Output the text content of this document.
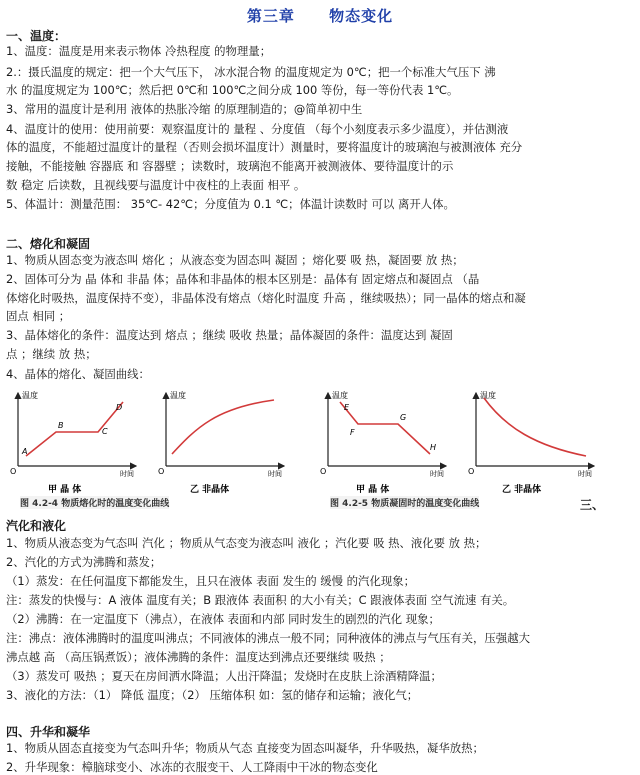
第三章 物态变化
一、温度：
1、温度：温度是用来表示物体 冷热程度 的物理量；
2.：摄氏温度的规定：把一个大气压下， 冰水混合物 的温度规定为 0℃；把一个标准大气压下 沸
水 的温度规定为 100℃；然后把 0℃和 100℃之间分成 100 等份，每一等份代表 1℃。
3、常用的温度计是利用 液体的热胀冷缩 的原理制造的；@简单初中生
4、温度计的使用：使用前要：观察温度计的 量程 、分度值 （每个小刻度表示多少温度），并估测液
体的温度，不能超过温度计的量程（否则会损坏温度计）测量时，要将温度计的玻璃泡与被测液体 充分
接触，不能接触 容器底 和 容器壁 ；读数时，玻璃泡不能离开被测液体、要待温度计的示
数 稳定 后读数，且视线要与温度计中夜柱的上表面 相平 。
5、体温计：测量范围： 35℃- 42℃；分度值为 0.1 ℃；体温计读数时 可以 离开人体。
二、熔化和凝固
1、物质从固态变为液态叫 熔化 ；从液态变为固态叫 凝固 ；熔化要 吸 热，凝固要 放 热；
2、固体可分为 晶 体和 非晶 体；晶体和非晶体的根本区别是：晶体有 固定熔点和凝固点 （晶
体熔化时吸热，温度保持不变），非晶体没有熔点（熔化时温度 升高 ，继续吸热）；同一晶体的熔点和凝
固点 相同 ；
3、晶体熔化的条件：温度达到 熔点 ；继续 吸收 热量；晶体凝固的条件：温度达到 凝固
点 ；继续 放 热；
4、晶体的熔化、凝固曲线：
温度
时间
O
A
B
C
D
甲 晶 体
温度
时间
O
乙 非晶体
温度
时间
O
E
F
G
H
甲 晶 体
温度
时间
O
乙 非晶体
图 4.2-4 物质熔化时的温度变化曲线	图 4.2-5 物质凝固时的温度变化曲线	三、
汽化和液化
1、物质从液态变为气态叫 汽化 ；物质从气态变为液态叫 液化 ；汽化要 吸 热、液化要 放 热；
2、汽化的方式为沸腾和蒸发；
（1）蒸发：在任何温度下都能发生，且只在液体 表面 发生的 缓慢 的汽化现象；
注：蒸发的快慢与：A 液体 温度有关；B 跟液体 表面积 的大小有关；C 跟液体表面 空气流速 有关。
（2）沸腾：在一定温度下（沸点），在液体 表面和内部 同时发生的剧烈的汽化 现象；
注：沸点：液体沸腾时的温度叫沸点；不同液体的沸点一般不同；同种液体的沸点与气压有关，压强越大
沸点越 高 （高压锅煮饭）；液体沸腾的条件：温度达到沸点还要继续 吸热 ；
（3）蒸发可 吸热 ；夏天在房间洒水降温；人出汗降温；发烧时在皮肤上涂酒精降温；
3、液化的方法：（1） 降低 温度；（2） 压缩体积 如：氢的储存和运输；液化气；
四、升华和凝华
1、物质从固态直接变为气态叫升华；物质从气态 直接变为固态叫凝华，升华吸热，凝华放热；
2、升华现象：樟脑球变小、冰冻的衣服变干、人工降雨中干冰的物态变化
